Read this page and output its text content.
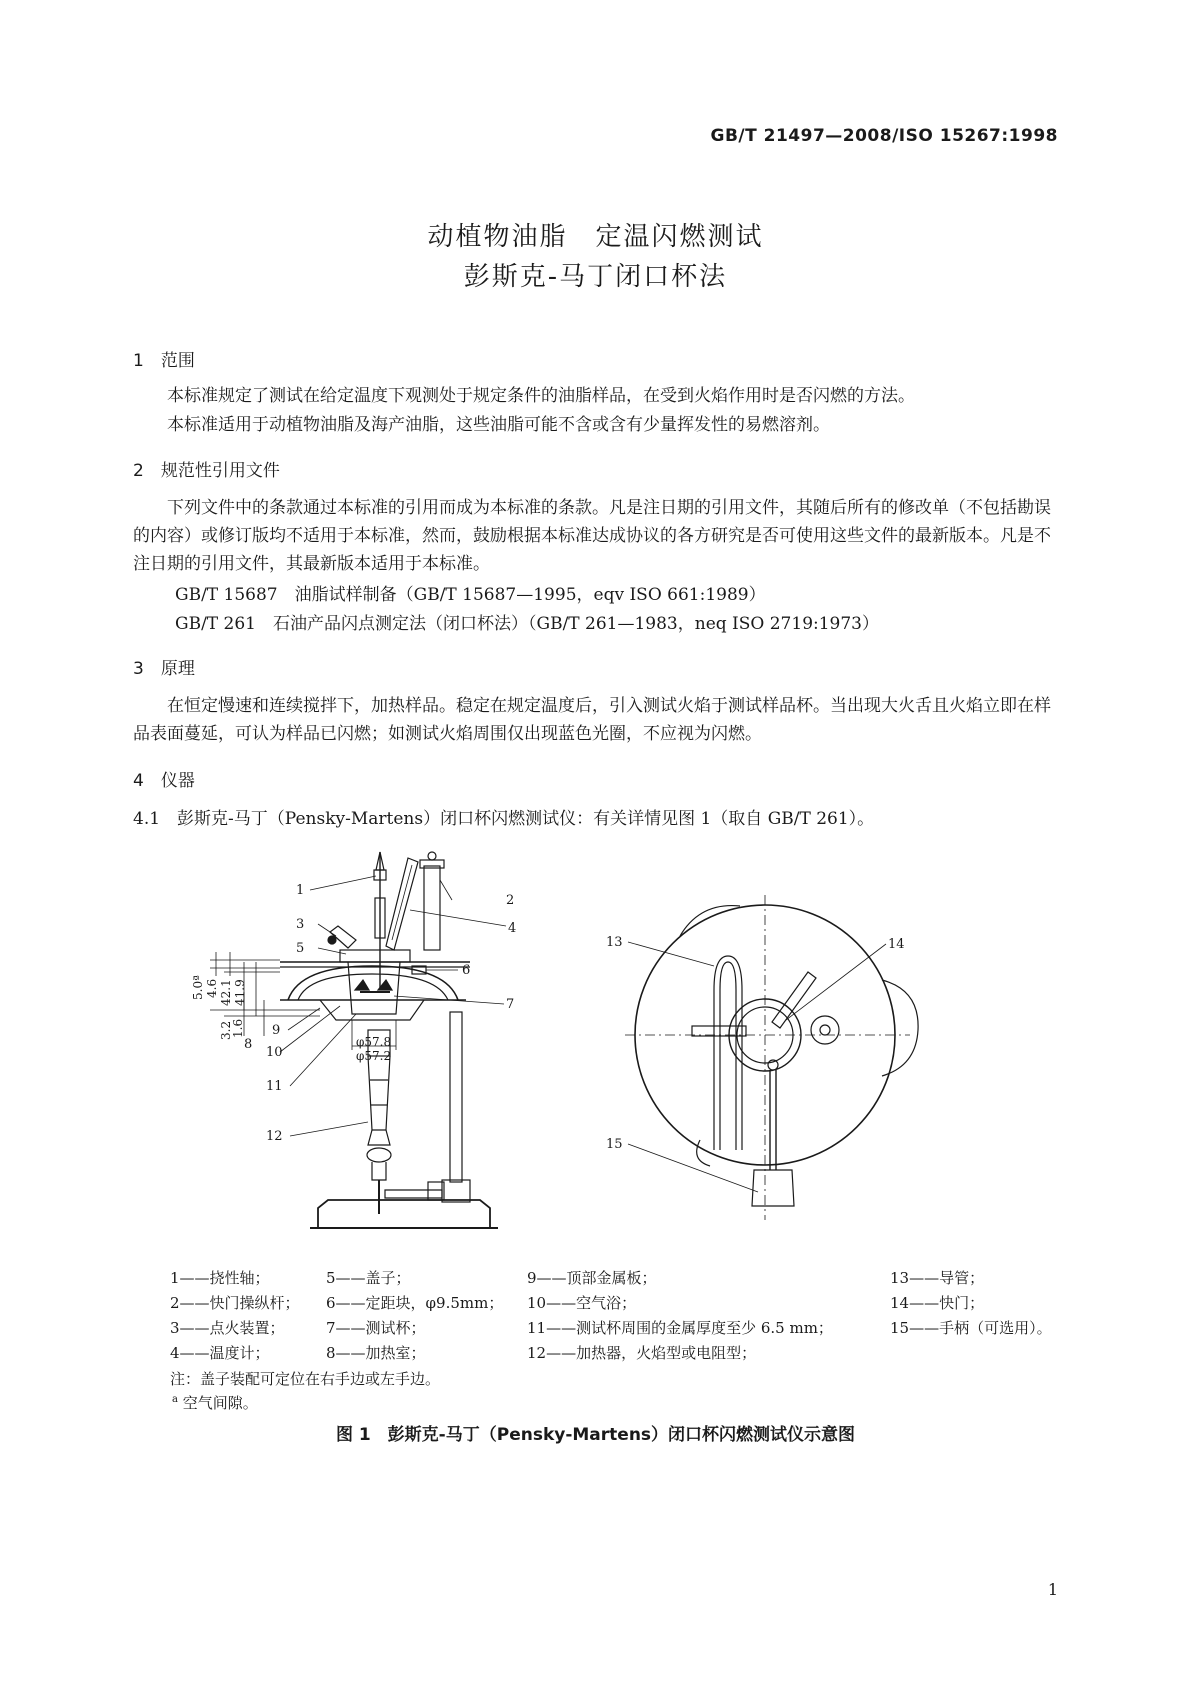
GB/T 21497—2008/ISO 15267:1998
动植物油脂　定温闪燃测试
彭斯克-马丁闭口杯法
1　范围
本标准规定了测试在给定温度下观测处于规定条件的油脂样品，在受到火焰作用时是否闪燃的方法。
本标准适用于动植物油脂及海产油脂，这些油脂可能不含或含有少量挥发性的易燃溶剂。
2　规范性引用文件
下列文件中的条款通过本标准的引用而成为本标准的条款。凡是注日期的引用文件，其随后所有的修改单（不包括勘误的内容）或修订版均不适用于本标准，然而，鼓励根据本标准达成协议的各方研究是否可使用这些文件的最新版本。凡是不注日期的引用文件，其最新版本适用于本标准。
GB/T 15687　油脂试样制备（GB/T 15687—1995，eqv ISO 661:1989）
GB/T 261　石油产品闪点测定法（闭口杯法）（GB/T 261—1983，neq ISO 2719:1973）
3　原理
在恒定慢速和连续搅拌下，加热样品。稳定在规定温度后，引入测试火焰于测试样品杯。当出现大火舌且火焰立即在样品表面蔓延，可认为样品已闪燃；如测试火焰周围仅出现蓝色光圈，不应视为闪燃。
4　仪器
4.1　彭斯克-马丁（Pensky-Martens）闭口杯闪燃测试仪：有关详情见图 1（取自 GB/T 261）。
1
2
3	4
5
6
7
8
9
10
11
12
13	14
15
5.0ª 4.6 42.1 41.9
3.2
1.6
φ57.8
φ57.2
1——挠性轴；	5——盖子；	9——顶部金属板；	13——导管；
2——快门操纵杆； 6——定距块，φ9.5mm； 10——空气浴；	14——快门；
3——点火装置；	7——测试杯；	11——测试杯周围的金属厚度至少 6.5 mm；	15——手柄（可选用）。
4——温度计；	8——加热室；	12——加热器，火焰型或电阻型；
注：盖子装配可定位在右手边或左手边。
$^a$ 空气间隙。
图 1　彭斯克-马丁（Pensky-Martens）闭口杯闪燃测试仪示意图
1
